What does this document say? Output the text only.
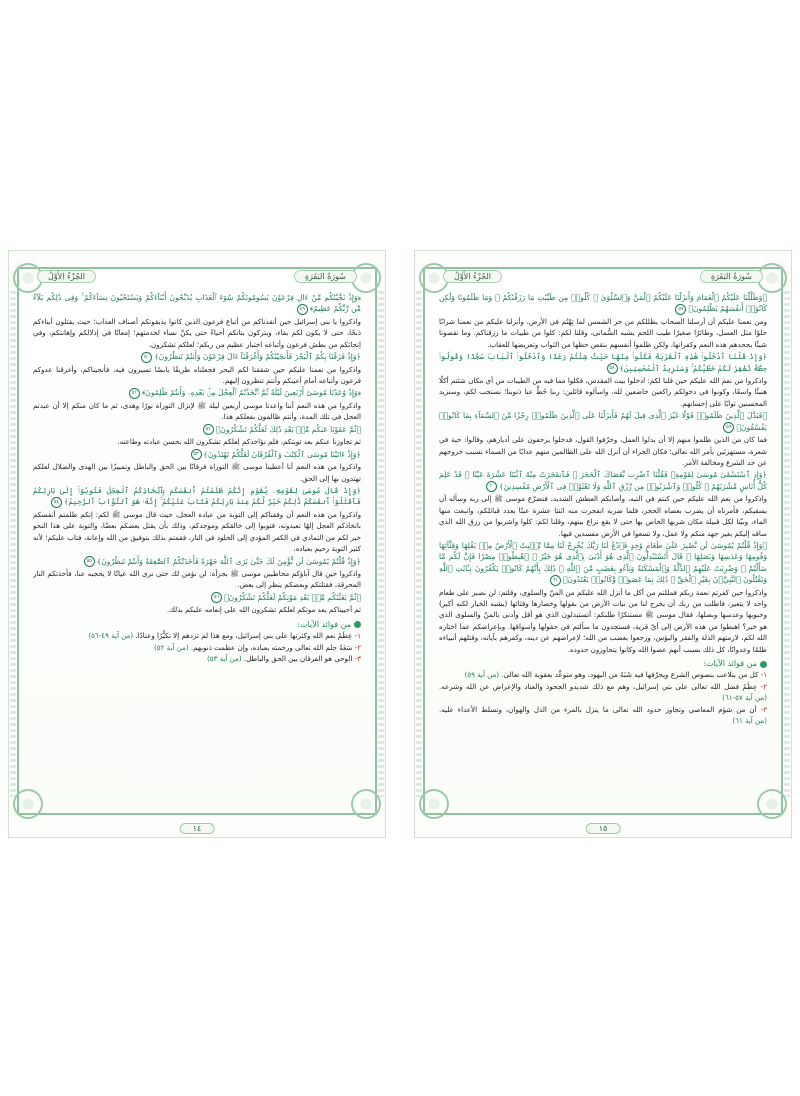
الجُزْءُ الأَوَّلُ	سُورَةُ البَقَرَةِ
﴿وَإِذْ نَجَّيْنَٰكُم مِّنْ ءَالِ فِرْعَوْنَ يَسُومُونَكُمْ سُوٓءَ ٱلْعَذَابِ يُذَبِّحُونَ أَبْنَآءَكُمْ وَيَسْتَحْيُونَ نِسَآءَكُمْ ۚ وَفِى ذَٰلِكُم بَلَآءٌ مِّن رَّبِّكُمْ عَظِيمٌ﴾٤٩
واذكروا يا بني إسرائيل حين أنقذناكم من أتباع فرعون الذين كانوا يذيقونكم أصناف العذاب؛ حيث يقتلون أبناءكم ذبحًا، حتى لا يكون لكم بقاء، ويتركون بناتكم أحياءً حتى يكنَّ نساء لخدمتهم؛ إمعانًا في إذلالكم وإهانتكم، وفي إنجائكم من بطش فرعون وأتباعه اختبار عظيم من ربكم؛ لعلكم تشكرون.
﴿وَإِذْ فَرَقْنَا بِكُمُ ٱلْبَحْرَ فَأَنجَيْنَٰكُمْ وَأَغْرَقْنَآ ءَالَ فِرْعَوْنَ وَأَنتُمْ تَنظُرُونَ﴾٥٠
واذكروا من نعمنا عليكم حين شققنا لكم البحر فجعلناه طريقًا يابسًا تسيرون فيه، فأنجيناكم، وأغرقنا عدوكم فرعون وأتباعه أمام أعينكم وأنتم تنظرون إليهم.
﴿وَإِذْ وَٰعَدْنَا مُوسَىٰٓ أَرْبَعِينَ لَيْلَةً ثُمَّ ٱتَّخَذْتُمُ ٱلْعِجْلَ مِنۢ بَعْدِهِۦ وَأَنتُمْ ظَٰلِمُونَ﴾٥١
واذكروا من هذه النعم أننا واعدنا موسى أربعين ليلة ﷺ لإنزال التوراة نورًا وهدى، ثم ما كان منكم إلا أن عبدتم العجل في تلك المدة، وأنتم ظالمون بفعلكم هذا.
﴿ثُمَّ عَفَوْنَا عَنكُم مِّنۢ بَعْدِ ذَٰلِكَ لَعَلَّكُمْ تَشْكُرُونَ﴾٥٢
ثم تجاوزنا عنكم بعد توبتكم، فلم نؤاخذكم لعلكم تشكرون الله بحسن عبادته وطاعته.
﴿وَإِذْ ءَاتَيْنَا مُوسَى ٱلْكِتَٰبَ وَٱلْفُرْقَانَ لَعَلَّكُمْ تَهْتَدُونَ﴾٥٣
واذكروا من هذه النعم أنا أعطينا موسى ﷺ التوراة فرقانًا بين الحق والباطل وتمييزًا بين الهدى والضلال لعلكم تهتدون بها إلى الحق.
﴿وَإِذْ قَالَ مُوسَىٰ لِقَوْمِهِۦ يَٰقَوْمِ إِنَّكُمْ ظَلَمْتُمْ أَنفُسَكُم بِٱتِّخَاذِكُمُ ٱلْعِجْلَ فَتُوبُوٓا۟ إِلَىٰ بَارِئِكُمْ فَٱقْتُلُوٓا۟ أَنفُسَكُمْ ذَٰلِكُمْ خَيْرٌ لَّكُمْ عِندَ بَارِئِكُمْ فَتَابَ عَلَيْكُمْ ۚ إِنَّهُۥ هُوَ ٱلتَّوَّابُ ٱلرَّحِيمُ﴾٥٤
واذكروا من هذه النعم أن وفقناكم إلى التوبة من عبادة العجل، حيث قال موسى ﷺ لكم: إنكم ظلمتم أنفسكم باتخاذكم العجل إلهًا تعبدونه، فتوبوا إلى خالقكم وموجدكم، وذلك بأن يقتل بعضكم بعضًا، والتوبة على هذا النحو خير لكم من التمادي في الكفر المؤدي إلى الخلود في النار، فقمتم بذلك بتوفيق من الله وإعانة، فتاب عليكم؛ لأنه كثير التوبة رحيم بعباده.
﴿وَإِذْ قُلْتُمْ يَٰمُوسَىٰ لَن نُّؤْمِنَ لَكَ حَتَّىٰ نَرَى ٱللَّهَ جَهْرَةً فَأَخَذَتْكُمُ ٱلصَّٰعِقَةُ وَأَنتُمْ تَنظُرُونَ﴾٥٥
واذكروا حين قال آباؤكم مخاطبين موسى ﷺ بجرأة: لن نؤمن لك حتى نرى الله عيانًا لا يحجبه عنا، فأخذتكم النار المحرقة، فقتلتكم وبعضكم ينظر إلى بعض.
﴿ثُمَّ بَعَثْنَٰكُم مِّنۢ بَعْدِ مَوْتِكُمْ لَعَلَّكُمْ تَشْكُرُونَ﴾٥٦
ثم أحييناكم بعد موتكم لعلكم تشكرون الله على إنعامه عليكم بذلك.
من فوائد الآيات:
١- عِظَمُ نعم الله وكثرتها على بني إسرائيل، ومع هذا لم تزدهم إلا تكبُّرًا وعنادًا. (من آية ٤٩-٥٦)
٢- سَعَةُ حلم الله تعالى ورحمته بعباده، وإن عظمت ذنوبهم. (من آية ٥٢)
٣- الوحي هو الفرقان بين الحق والباطل. (من آية ٥٣)
١٤
الجُزْءُ الأَوَّلُ	سُورَةُ البَقَرَةِ
﴿وَظَلَّلْنَا عَلَيْكُمُ ٱلْغَمَامَ وَأَنزَلْنَا عَلَيْكُمُ ٱلْمَنَّ وَٱلسَّلْوَىٰ ۖ كُلُوا۟ مِن طَيِّبَٰتِ مَا رَزَقْنَٰكُمْ ۖ وَمَا ظَلَمُونَا وَلَٰكِن كَانُوٓا۟ أَنفُسَهُمْ يَظْلِمُونَ﴾٥٧
ومن نعمنا عليكم أن أرسلنا السحاب يظللكم من حر الشمس لما تِهْتُم في الأرض، وأنزلنا عليكم من نعمنا شرابًا حلوًا مثل العسل، وطائرًا صغيرًا طيب اللحم يشبه السُّمانى، وقلنا لكم: كلوا من طيبات ما رزقناكم. وما نقصونا شيئًا بجحدهم هذه النعم وكفرانها، ولكن ظلموا أنفسهم بنقص حظها من الثواب وتعريضها للعقاب.
﴿وَإِذْ قُلْنَا ٱدْخُلُوا۟ هَٰذِهِ ٱلْقَرْيَةَ فَكُلُوا۟ مِنْهَا حَيْثُ شِئْتُمْ رَغَدًا وَٱدْخُلُوا۟ ٱلْبَابَ سُجَّدًا وَقُولُوا۟ حِطَّةٌ نَّغْفِرْ لَكُمْ خَطَٰيَٰكُمْ ۚ وَسَنَزِيدُ ٱلْمُحْسِنِينَ﴾٥٨
واذكروا من نعم الله عليكم حين قلنا لكم: ادخلوا بيت المقدس، فكلوا مما فيه من الطيبات من أي مكان شئتم أكلًا هنيئًا واسعًا، وكونوا في دخولكم راكعين خاضعين لله، واسألوه قائلين: ربنا حُطَّ عنا ذنوبنا؛ نستجب لكم، وسنزيد المحسنين ثوابًا على إحسانهم.
﴿فَبَدَّلَ ٱلَّذِينَ ظَلَمُوا۟ قَوْلًا غَيْرَ ٱلَّذِى قِيلَ لَهُمْ فَأَنزَلْنَا عَلَى ٱلَّذِينَ ظَلَمُوا۟ رِجْزًا مِّنَ ٱلسَّمَآءِ بِمَا كَانُوا۟ يَفْسُقُونَ﴾٥٩
فما كان من الذين ظلموا منهم إلا أن بدلوا العمل، وحرّفوا القول، فدخلوا يزحفون على أدبارهم، وقالوا: حبة في شعرة، مستهزئين بأمر الله تعالى؛ فكان الجزاء أن أنزل الله على الظالمين منهم عذابًا من السماء بسبب خروجهم عن حد الشرع ومخالفة الأمر.
﴿وَإِذِ ٱسْتَسْقَىٰ مُوسَىٰ لِقَوْمِهِۦ فَقُلْنَا ٱضْرِب بِّعَصَاكَ ٱلْحَجَرَ ۖ فَٱنفَجَرَتْ مِنْهُ ٱثْنَتَا عَشْرَةَ عَيْنًا ۖ قَدْ عَلِمَ كُلُّ أُنَاسٍ مَّشْرَبَهُمْ ۖ كُلُوا۟ وَٱشْرَبُوا۟ مِن رِّزْقِ ٱللَّهِ وَلَا تَعْثَوْا۟ فِى ٱلْأَرْضِ مُفْسِدِينَ﴾٦٠
واذكروا من نعم الله عليكم حين كنتم في التيه، وأصابكم العطش الشديد، فتضرّع موسى ﷺ إلى ربه وسأله أن يسقيكم، فأمرناه أن يضرب بعصاه الحجر، فلما ضربه انفجرت منه اثنتا عشرة عينًا بعدد قبائلكم، وانبعث منها الماء، وبيّنا لكل قبيلة مكان شربها الخاص بها حتى لا يقع نزاع بينهم، وقلنا لكم: كلوا واشربوا من رزق الله الذي ساقه إليكم بغير جهد منكم ولا عمل، ولا تسعوا في الأرض مفسدين فيها.
﴿وَإِذْ قُلْتُمْ يَٰمُوسَىٰ لَن نَّصْبِرَ عَلَىٰ طَعَامٍ وَٰحِدٍ فَٱدْعُ لَنَا رَبَّكَ يُخْرِجْ لَنَا مِمَّا تُنۢبِتُ ٱلْأَرْضُ مِنۢ بَقْلِهَا وَقِثَّآئِهَا وَفُومِهَا وَعَدَسِهَا وَبَصَلِهَا ۖ قَالَ أَتَسْتَبْدِلُونَ ٱلَّذِى هُوَ أَدْنَىٰ بِٱلَّذِى هُوَ خَيْرٌ ۚ ٱهْبِطُوا۟ مِصْرًا فَإِنَّ لَكُم مَّا سَأَلْتُمْ ۗ وَضُرِبَتْ عَلَيْهِمُ ٱلذِّلَّةُ وَٱلْمَسْكَنَةُ وَبَآءُو بِغَضَبٍ مِّنَ ٱللَّهِ ۗ ذَٰلِكَ بِأَنَّهُمْ كَانُوا۟ يَكْفُرُونَ بِـَٔايَٰتِ ٱللَّهِ وَيَقْتُلُونَ ٱلنَّبِيِّۦنَ بِغَيْرِ ٱلْحَقِّ ۗ ذَٰلِكَ بِمَا عَصَوا۟ وَّكَانُوا۟ يَعْتَدُونَ﴾٦١
واذكروا حين كفرتم نعمة ربكم فمللتم من أكل ما أنزل الله عليكم من المنّ والسلوى، وقلتم: لن نصبر على طعام واحد لا يتغير، فاطلب من ربك أن يخرج لنا من نبات الأرض من بقولها وخضارها وقثائها (يشبه الخيار لكنه أكبر) وحبوبها وعدسها وبصلها، فقال موسى ﷺ مستنكرًا طلبكم: أتستبدلون الذي هو أقل وأدنى بالمنّ والسلوى الذي هو خير؟ اهبطوا من هذه الأرض إلى أيّ قرية، فستجدون ما سألتم في حقولها وأسواقها. وبإعراضكم عما اختاره الله لكم، لازمتهم الذلة والفقر والبؤس، ورجعوا بغضب من الله؛ لإعراضهم عن دينه، وكفرهم بآياته، وقتلهم أنبياءه ظلمًا وعدوانًا، كل ذلك بسبب أنهم عصوا الله وكانوا يتجاوزون حدوده.
من فوائد الآيات:
١- كل من يتلاعب بنصوص الشرع ويحرّفها فيه شَبَهٌ من اليهود، وهو متوعَّد بعقوبة الله تعالى. (من آية ٥٩)
٢- عِظَمُ فضل الله تعالى على بني إسرائيل، وهم مع ذلك شديدو الجحود والعناد والإعراض عن الله وشرعه. (من آية ٥٧-٦١)
٣- أن من شؤم المعاصي وتجاوز حدود الله تعالى ما ينزل بالمرء من الذل والهوان، وتسلط الأعداء عليه. (من آية ٦١)
١٥
